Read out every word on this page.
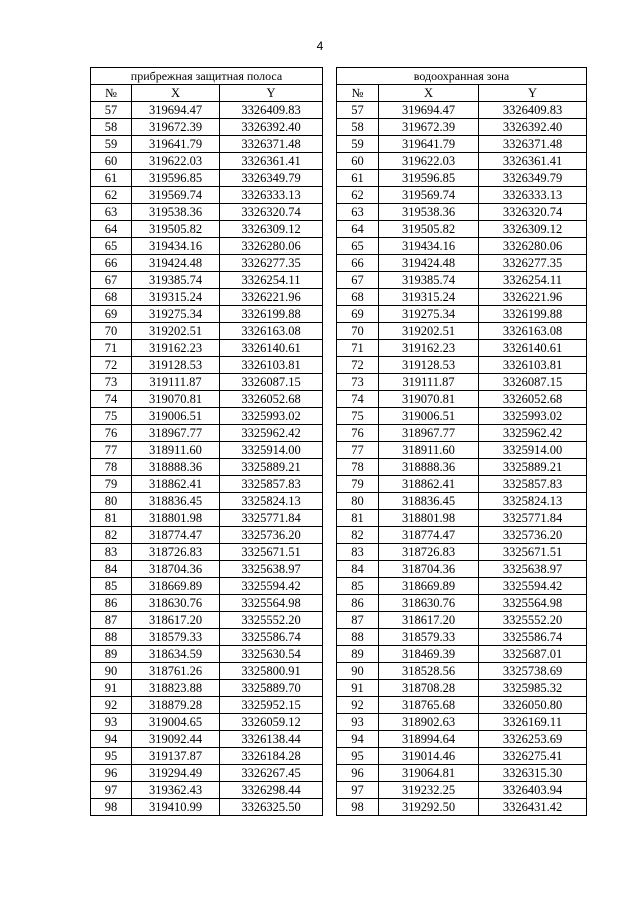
4
прибрежная защитная полоса				водоохранная зона		
№	X	Y		№	X	Y
57	319694.47	3326409.83		57	319694.47	3326409.83
58	319672.39	3326392.40		58	319672.39	3326392.40
59	319641.79	3326371.48		59	319641.79	3326371.48
60	319622.03	3326361.41		60	319622.03	3326361.41
61	319596.85	3326349.79		61	319596.85	3326349.79
62	319569.74	3326333.13		62	319569.74	3326333.13
63	319538.36	3326320.74		63	319538.36	3326320.74
64	319505.82	3326309.12		64	319505.82	3326309.12
65	319434.16	3326280.06		65	319434.16	3326280.06
66	319424.48	3326277.35		66	319424.48	3326277.35
67	319385.74	3326254.11		67	319385.74	3326254.11
68	319315.24	3326221.96		68	319315.24	3326221.96
69	319275.34	3326199.88		69	319275.34	3326199.88
70	319202.51	3326163.08		70	319202.51	3326163.08
71	319162.23	3326140.61		71	319162.23	3326140.61
72	319128.53	3326103.81		72	319128.53	3326103.81
73	319111.87	3326087.15		73	319111.87	3326087.15
74	319070.81	3326052.68		74	319070.81	3326052.68
75	319006.51	3325993.02		75	319006.51	3325993.02
76	318967.77	3325962.42		76	318967.77	3325962.42
77	318911.60	3325914.00		77	318911.60	3325914.00
78	318888.36	3325889.21		78	318888.36	3325889.21
79	318862.41	3325857.83		79	318862.41	3325857.83
80	318836.45	3325824.13		80	318836.45	3325824.13
81	318801.98	3325771.84		81	318801.98	3325771.84
82	318774.47	3325736.20		82	318774.47	3325736.20
83	318726.83	3325671.51		83	318726.83	3325671.51
84	318704.36	3325638.97		84	318704.36	3325638.97
85	318669.89	3325594.42		85	318669.89	3325594.42
86	318630.76	3325564.98		86	318630.76	3325564.98
87	318617.20	3325552.20		87	318617.20	3325552.20
88	318579.33	3325586.74		88	318579.33	3325586.74
89	318634.59	3325630.54		89	318469.39	3325687.01
90	318761.26	3325800.91		90	318528.56	3325738.69
91	318823.88	3325889.70		91	318708.28	3325985.32
92	318879.28	3325952.15		92	318765.68	3326050.80
93	319004.65	3326059.12		93	318902.63	3326169.11
94	319092.44	3326138.44		94	318994.64	3326253.69
95	319137.87	3326184.28		95	319014.46	3326275.41
96	319294.49	3326267.45		96	319064.81	3326315.30
97	319362.43	3326298.44		97	319232.25	3326403.94
98	319410.99	3326325.50		98	319292.50	3326431.42
